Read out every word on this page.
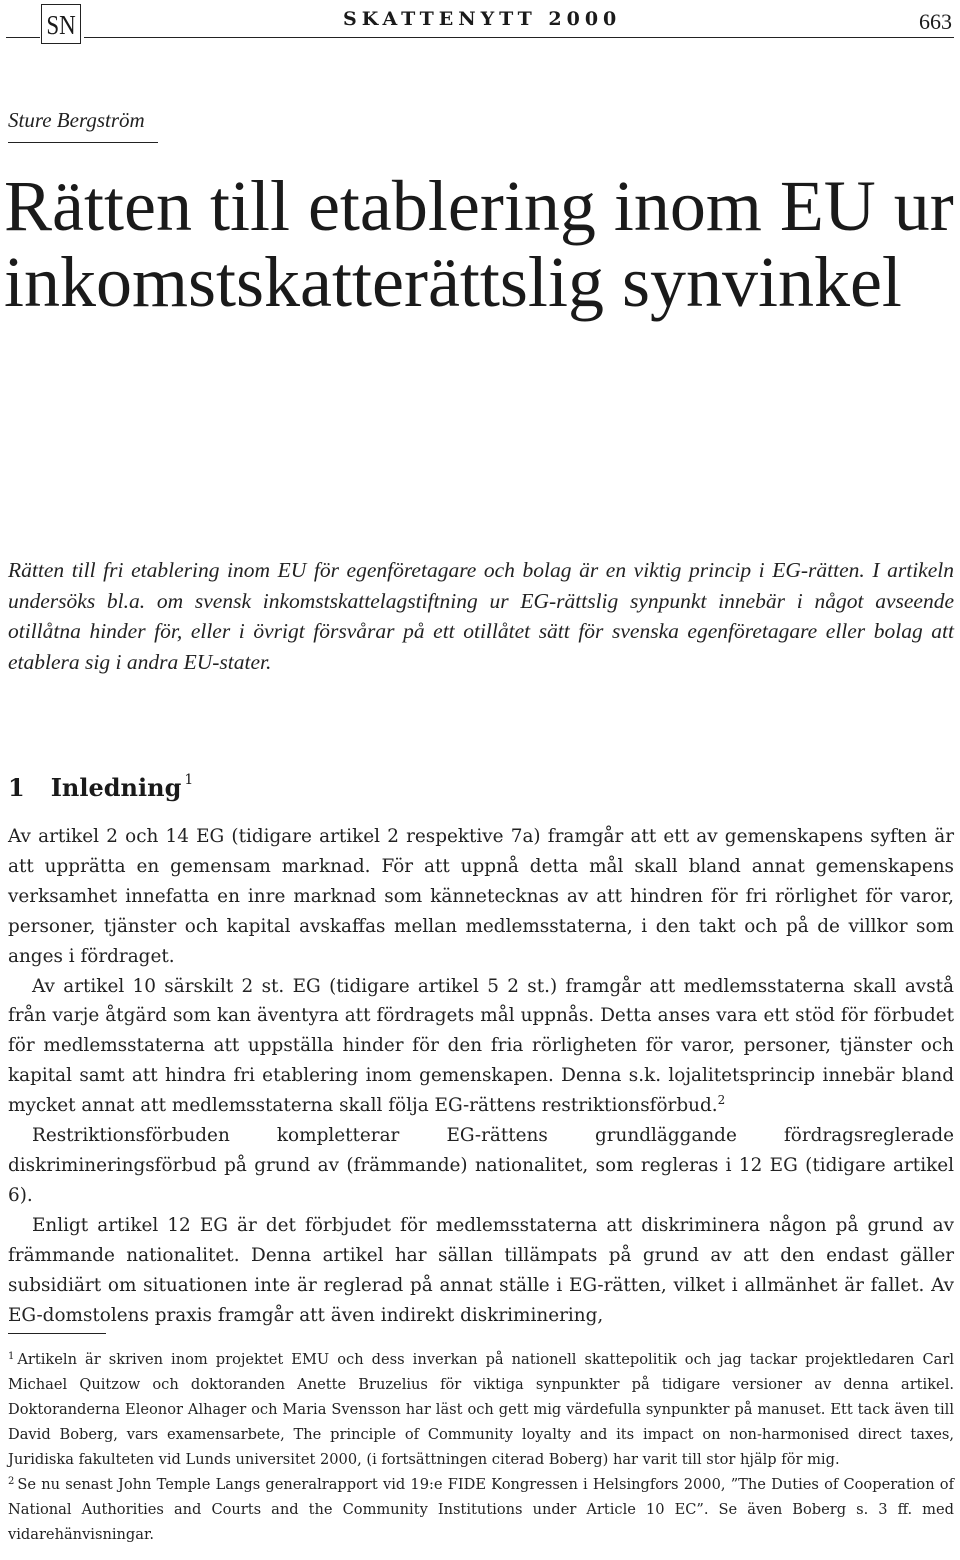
SN	SKATTENYTT 2000	663
Sture Bergström
Rätten till etablering inom EU ur inkomstskatterättslig synvinkel

Rätten till fri etablering inom EU för egenföretagare och bolag är en viktig princip i EG-rätten. I artikeln undersöks bl.a. om svensk inkomstskattelagstiftning ur EG-rättslig synpunkt innebär i något avseende otillåtna hinder för, eller i övrigt försvårar på ett otillåtet sätt för svenska egenföretagare eller bolag att etablera sig i andra EU-stater.

1 Inledning $^1$

Av artikel 2 och 14 EG (tidigare artikel 2 respektive 7a) framgår att ett av gemenskapens syften är att upprätta en gemensam marknad. För att uppnå detta mål skall bland annat gemenskapens verksamhet innefatta en inre marknad som kännetecknas av att hindren för fri rörlighet för varor, personer, tjänster och kapital avskaffas mellan medlemsstaterna, i den takt och på de villkor som anges i fördraget.

Av artikel 10 särskilt 2 st. EG (tidigare artikel 5 2 st.) framgår att medlemsstaterna skall avstå från varje åtgärd som kan äventyra att fördragets mål uppnås. Detta anses vara ett stöd för förbudet för medlemsstaterna att uppställa hinder för den fria rörligheten för varor, personer, tjänster och kapital samt att hindra fri etablering inom gemenskapen. Denna s.k. lojalitetsprincip innebär bland mycket annat att medlemsstaterna skall följa EG-rättens restriktionsförbud.$^2$

Restriktionsförbuden kompletterar EG-rättens grundläggande fördragsreglerade diskrimineringsförbud på grund av (främmande) nationalitet, som regleras i 12 EG (tidigare artikel 6).

Enligt artikel 12 EG är det förbjudet för medlemsstaterna att diskriminera någon på grund av främmande nationalitet. Denna artikel har sällan tillämpats på grund av att den endast gäller subsidiärt om situationen inte är reglerad på annat ställe i EG-rätten, vilket i allmänhet är fallet. Av EG-domstolens praxis framgår att även indirekt diskriminering,

$^1$ Artikeln är skriven inom projektet EMU och dess inverkan på nationell skattepolitik och jag tackar projektledaren Carl Michael Quitzow och doktoranden Anette Bruzelius för viktiga synpunkter på tidigare versioner av denna artikel. Doktoranderna Eleonor Alhager och Maria Svensson har läst och gett mig värdefulla synpunkter på manuset. Ett tack även till David Boberg, vars examensarbete, The principle of Community loyalty and its impact on non-harmonised direct taxes, Juridiska fakulteten vid Lunds universitet 2000, (i fortsättningen citerad Boberg) har varit till stor hjälp för mig.

$^2$ Se nu senast John Temple Langs generalrapport vid 19:e FIDE Kongressen i Helsingfors 2000, ”The Duties of Cooperation of National Authorities and Courts and the Community Institutions under Article 10 EC”. Se även Boberg s. 3 ff. med vidarehänvisningar.
